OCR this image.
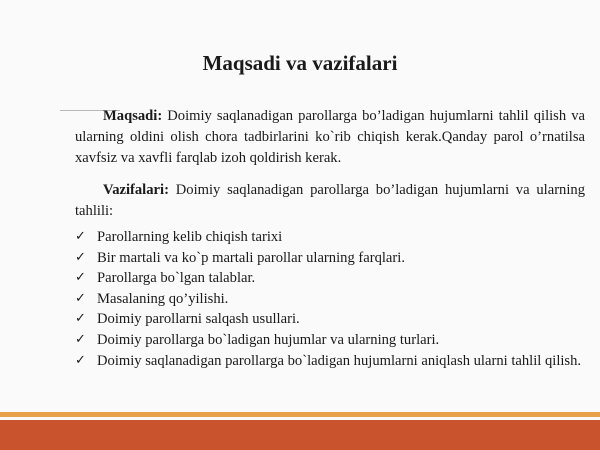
Maqsadi va vazifalari
Maqsadi: Doimiy saqlanadigan parollarga bo’ladigan hujumlarni tahlil qilish va ularning oldini olish chora tadbirlarini ko`rib chiqish kerak.Qanday parol o’rnatilsa xavfsiz va xavfli farqlab izoh qoldirish kerak.
Vazifalari: Doimiy saqlanadigan parollarga bo’ladigan hujumlarni va ularning tahlili:
✓ Parollarning kelib chiqish tarixi
✓ Bir martali va ko`p martali parollar ularning farqlari.
✓ Parollarga bo`lgan talablar.
✓ Masalaning qo’yilishi.
✓ Doimiy parollarni salqash usullari.
✓ Doimiy parollarga bo`ladigan hujumlar va ularning turlari.
✓ Doimiy saqlanadigan parollarga bo`ladigan hujumlarni aniqlash ularni tahlil qilish.
